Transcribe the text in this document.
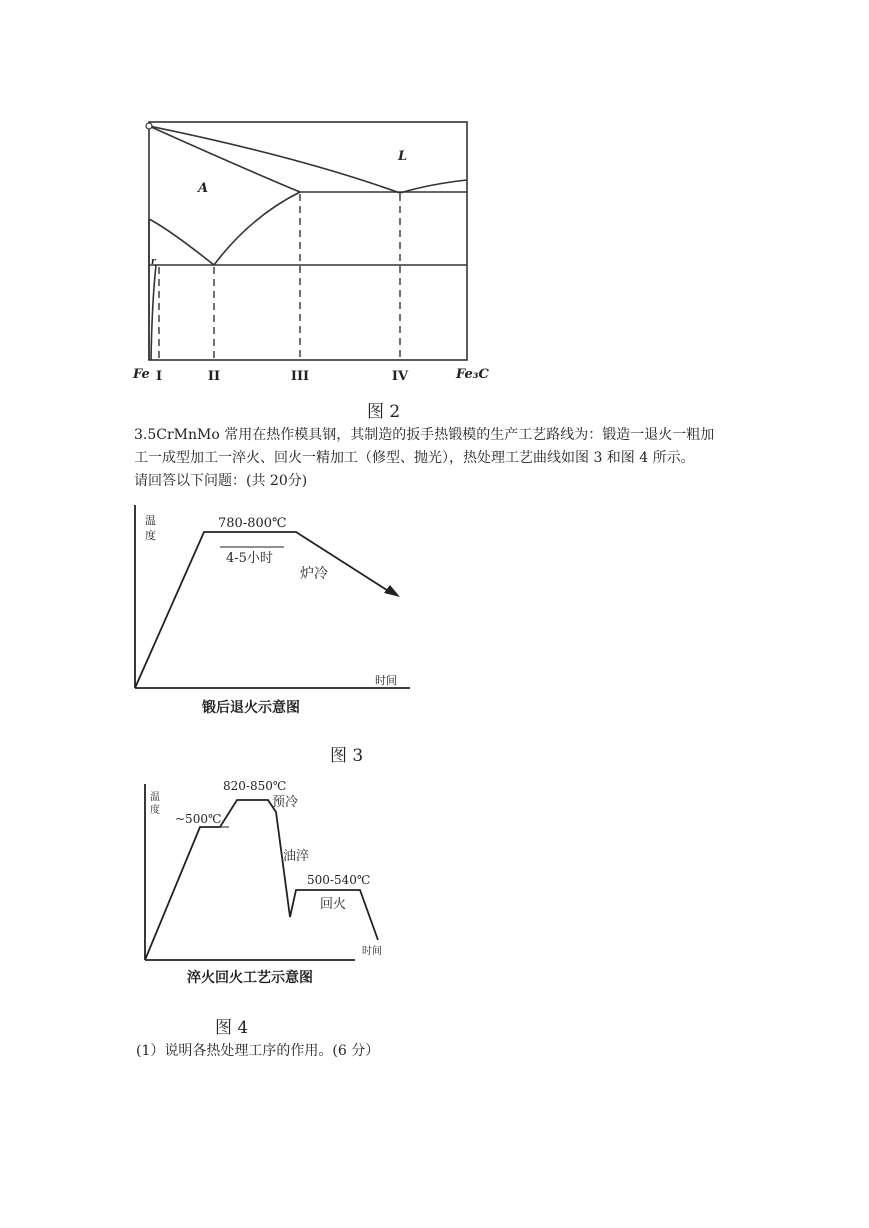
A
L
r
Fe	Fe₃C
I	II	III	IV
图 2
3.5CrMnMo 常用在热作模具钢，其制造的扳手热锻模的生产工艺路线为：锻造一退火一粗加
工一成型加工一淬火、回火一精加工（修型、抛光），热处理工艺曲线如图 3 和图 4 所示。
请回答以下问题：(共 20分)
温
度
780-800℃
4-5小时
炉冷
时间
锻后退火示意图
图 3
温
度
~500℃
820-850℃
预冷
油淬
500-540℃
回火
时间
淬火回火工艺示意图
图 4
(1）说明各热处理工序的作用。(6 分）
